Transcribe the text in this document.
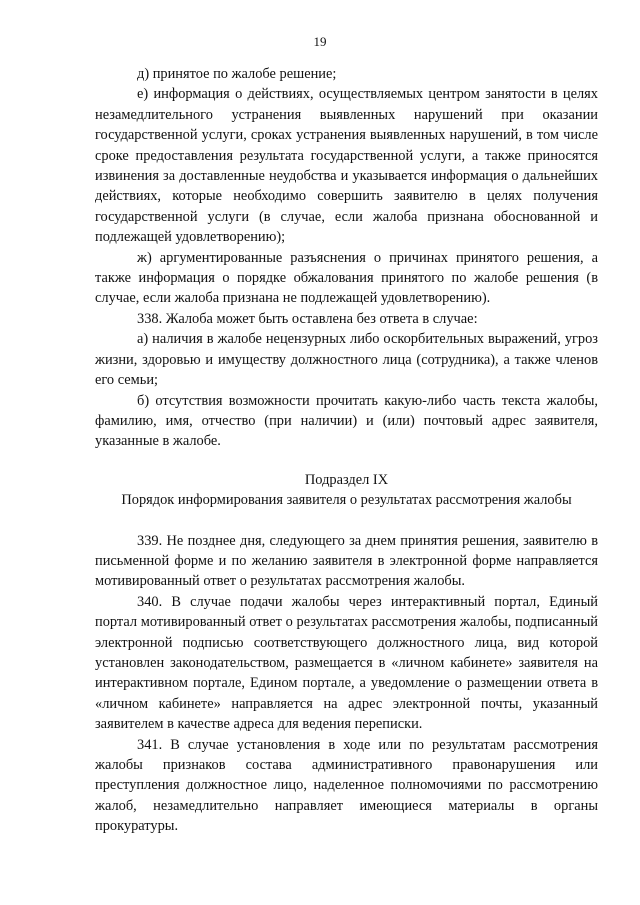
19

д) принятое по жалобе решение;

е) информация о действиях, осуществляемых центром занятости в целях незамедлительного устранения выявленных нарушений при оказании государственной услуги, сроках устранения выявленных нарушений, в том числе сроке предоставления результата государственной услуги, а также приносятся извинения за доставленные неудобства и указывается информация о дальнейших действиях, которые необходимо совершить заявителю в целях получения государственной услуги (в случае, если жалоба признана обоснованной и подлежащей удовлетворению);

ж) аргументированные разъяснения о причинах принятого решения, а также информация о порядке обжалования принятого по жалобе решения (в случае, если жалоба признана не подлежащей удовлетворению).

338. Жалоба может быть оставлена без ответа в случае:

а) наличия в жалобе нецензурных либо оскорбительных выражений, угроз жизни, здоровью и имуществу должностного лица (сотрудника), а также членов его семьи;

б) отсутствия возможности прочитать какую-либо часть текста жалобы, фамилию, имя, отчество (при наличии) и (или) почтовый адрес заявителя, указанные в жалобе.

Подраздел IX

Порядок информирования заявителя о результатах рассмотрения жалобы

339. Не позднее дня, следующего за днем принятия решения, заявителю в письменной форме и по желанию заявителя в электронной форме направляется мотивированный ответ о результатах рассмотрения жалобы.

340. В случае подачи жалобы через интерактивный портал, Единый портал мотивированный ответ о результатах рассмотрения жалобы, подписанный электронной подписью соответствующего должностного лица, вид которой установлен законодательством, размещается в «личном кабинете» заявителя на интерактивном портале, Едином портале, а уведомление о размещении ответа в «личном кабинете» направляется на адрес электронной почты, указанный заявителем в качестве адреса для ведения переписки.

341. В случае установления в ходе или по результатам рассмотрения жалобы признаков состава административного правонарушения или преступления должностное лицо, наделенное полномочиями по рассмотрению жалоб, незамедлительно направляет имеющиеся материалы в органы прокуратуры.
